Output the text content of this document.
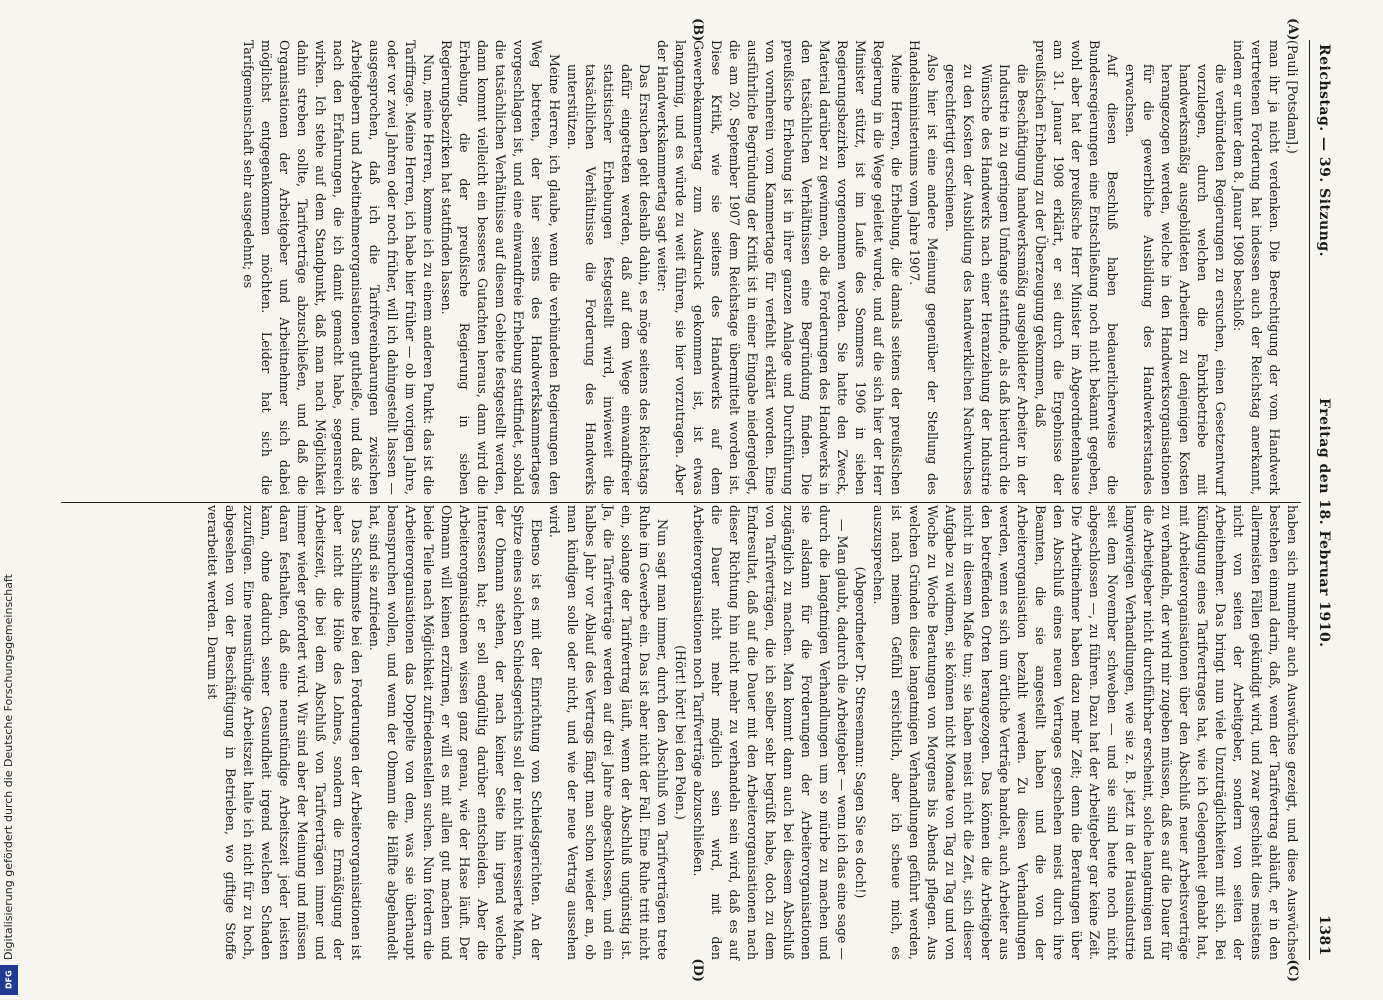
Reichstag. — 39. Sitzung.
Freitag den 18. Februar 1910.
1381
(A)
(B)

(Pauli [Potsdam].)

man ihr ja nicht verdenken. Die Berechtigung der vom Handwerk vertretenen Forderung hat indessen auch der Reichstag anerkannt, indem er unter dem 8. Januar 1908 beschloß:

die verbündeten Regierungen zu ersuchen, einen Gesetzentwurf vorzulegen, durch welchen die Fabrikbetriebe mit handwerksmäßig ausgebildeten Arbeitern zu denjenigen Kosten herangezogen werden, welche in den Handwerksorganisationen für die gewerbliche Ausbildung des Handwerkerstandes erwachsen.

Auf diesen Beschluß haben bedauerlicherweise die Bundesregierungen eine Entschließung noch nicht bekannt gegeben, wohl aber hat der preußische Herr Minister im Abgeordnetenhause am 31. Januar 1908 erklärt, er sei durch die Ergebnisse der preußischen Erhebung zu der Überzeugung gekommen, daß

die Beschäftigung handwerksmäßig ausgebildeter Arbeiter in der Industrie in zu geringem Umfange stattfinde, als daß hierdurch die Wünsche des Handwerks nach einer Heranziehung der Industrie zu den Kosten der Ausbildung des handwerklichen Nachwuchses gerechtfertigt erschienen.

Also hier ist eine andere Meinung gegenüber der Stellung des Handelsministeriums vom Jahre 1907.

Meine Herren, die Erhebung, die damals seitens der preußischen Regierung in die Wege geleitet wurde, und auf die sich hier der Herr Minister stützt, ist im Laufe des Sommers 1906 in sieben Regierungsbezirken vorgenommen worden. Sie hatte den Zweck, Material darüber zu gewinnen, ob die Forderungen des Handwerks in den tatsächlichen Verhältnissen eine Begründung finden. Die preußische Erhebung ist in ihrer ganzen Anlage und Durchführung von vornherein vom Kammertage für verfehlt erklärt worden. Eine ausführliche Begründung der Kritik ist in einer Eingabe niedergelegt, die am 20. September 1907 dem Reichstage übermittelt worden ist. Diese Kritik, wie sie seitens des Handwerks auf dem Gewerbekammertag zum Ausdruck gekommen ist, ist etwas langatmig, und es würde zu weit führen, sie hier vorzutragen. Aber der Handwerkskammertag sagt weiter:

Das Ersuchen geht deshalb dahin, es möge seitens des Reichstags dafür eingetreten werden, daß auf dem Wege einwandfreier statistischer Erhebungen festgestellt wird, inwieweit die tatsächlichen Verhältnisse die Forderung des Handwerks unterstützen.

Meine Herren, ich glaube, wenn die verbündeten Regierungen den Weg betreten, der hier seitens des Handwerkskammertages vorgeschlagen ist, und eine einwandfreie Erhebung stattfindet, sobald die tatsächlichen Verhältnisse auf diesem Gebiete festgestellt werden, dann kommt vielleicht ein besseres Gutachten heraus, dann wird die Erhebung, die der preußische Regierung in sieben Regierungsbezirken hat stattfinden lassen.

Nun, meine Herren, komme ich zu einem anderen Punkt: das ist die Tariffrage. Meine Herren, ich habe hier früher — ob im vorigen Jahre, oder vor zwei Jahren oder noch früher, will ich dahingestellt lassen — ausgesprochen, daß ich die Tarifvereinbarungen zwischen Arbeitgebern und Arbeitnehmerorganisationen gutheiße, und daß sie nach den Erfahrungen, die ich damit gemacht habe, segensreich wirken. Ich stehe auf dem Standpunkt, daß man nach Möglichkeit dahin streben sollte, Tarifverträge abzuschließen, und daß die Organisationen der Arbeitgeber und Arbeitnehmer sich dabei möglichst entgegenkommen möchten. Leider hat sich die Tarifgemeinschaft sehr ausgedehnt; es

(C)
(D)

haben sich nunmehr auch Auswüchse gezeigt, und diese Auswüchse bestehen einmal darin, daß, wenn der Tarifvertrag abläuft, er in den allermeisten Fällen gekündigt wird, und zwar geschieht dies meistens nicht von seiten der Arbeitgeber, sondern von seiten der Arbeitnehmer. Das bringt nun viele Unzuträglichkeiten mit sich. Bei Kündigung eines Tarifvertrages hat, wie ich Gelegenheit gehabt hat, mit Arbeiterorganisationen über den Abschluß neuer Arbeitsverträge zu verhandeln, der wird mir zugeben müssen, daß es auf die Dauer für die Arbeitgeber nicht durchführbar erscheint, solche langatmigen und langwierigen Verhandlungen, wie sie z. B. jetzt in der Hausindustrie seit dem November schweben — und sie sind heute noch nicht abgeschlossen —, zu führen. Dazu hat der Arbeitgeber gar keine Zeit. Die Arbeitnehmer haben dazu mehr Zeit; denn die Beratungen über den Abschluß eines neuen Vertrages geschehen meist durch ihre Beamten, die sie angestellt haben und die von der Arbeiterorganisation bezahlt werden. Zu diesen Verhandlungen werden, wenn es sich um örtliche Verträge handelt, auch Arbeiter aus den betreffenden Orten herangezogen. Das können die Arbeitgeber nicht in diesem Maße tun; sie haben meist nicht die Zeit, sich dieser Aufgabe zu widmen, sie können nicht Monate von Tag zu Tag und von Woche zu Woche Beratungen von Morgens bis Abends pflegen. Aus welchen Gründen diese langatmigen Verhandlungen geführt werden, ist nach meinem Gefühl ersichtlich, aber ich scheue mich, es auszusprechen.

(Abgeordneter Dr. Stresemann: Sagen Sie es doch!)

— Man glaubt, dadurch die Arbeitgeber — wenn ich das eine sage — durch die langatmigen Verhandlungen um so mürbe zu machen und sie alsdann für die Forderungen der Arbeiterorganisationen zugänglich zu machen. Man kommt dann auch bei diesem Abschluß von Tarifverträgen, die ich selber sehr begrüßt habe, doch zu dem Endresultat, daß auf die Dauer mit den Arbeiterorganisationen nach dieser Richtung hin nicht mehr zu verhandeln sein wird, daß es auf die Dauer nicht mehr möglich sein wird, mit den Arbeiterorganisationen noch Tarifverträge abzuschließen.

(Hört! hört! bei den Polen.)

Nun sagt man immer, durch den Abschluß von Tarifverträgen trete Ruhe im Gewerbe ein. Das ist aber nicht der Fall. Eine Ruhe tritt nicht ein, solange der Tarifvertrag läuft, wenn der Abschluß ungünstig ist. Ja, die Tarifverträge werden auf drei Jahre abgeschlossen, und ein halbes Jahr vor Ablauf des Vertrags fängt man schon wieder an, ob man kündigen solle oder nicht, und wie der neue Vertrag aussehen wird.

Ebenso ist es mit der Einrichtung von Schiedsgerichten. An der Spitze eines solchen Schiedsgerichts soll der nicht interessierte Mann, der Obmann stehen, der nach keiner Seite hin irgend welche Interessen hat; er soll endgültig darüber entscheiden. Aber die Arbeiterorganisationen wissen ganz genau, wie der Hase läuft. Der Obmann will keinen erzürnen, er will es mit allen gut machen und beide Teile nach Möglichkeit zufriedenstellen suchen. Nun fordern die Arbeiterorganisationen das Doppelte von dem, was sie überhaupt beanspruchen wollen, und wenn der Obmann die Hälfte abgehandelt hat, sind sie zufrieden.

Das Schlimmste bei den Forderungen der Arbeiterorganisationen ist aber nicht die Höhe des Lohnes, sondern die Ermäßigung der Arbeitszeit, die bei dem Abschluß von Tarifverträgen immer und immer wieder gefordert wird. Wir sind aber der Meinung und müssen daran festhalten, daß eine neunstündige Arbeitszeit jeder leisten kann, ohne dadurch seiner Gesundheit irgend welchen Schaden zuzufügen. Eine neunstündige Arbeitszeit halte ich nicht für zu hoch, abgesehen von der Beschäftigung in Betrieben, wo giftige Stoffe verarbeitet werden. Darum ist

Digitalisierung gefördert durch die Deutsche Forschungsgemeinschaft
DFG
